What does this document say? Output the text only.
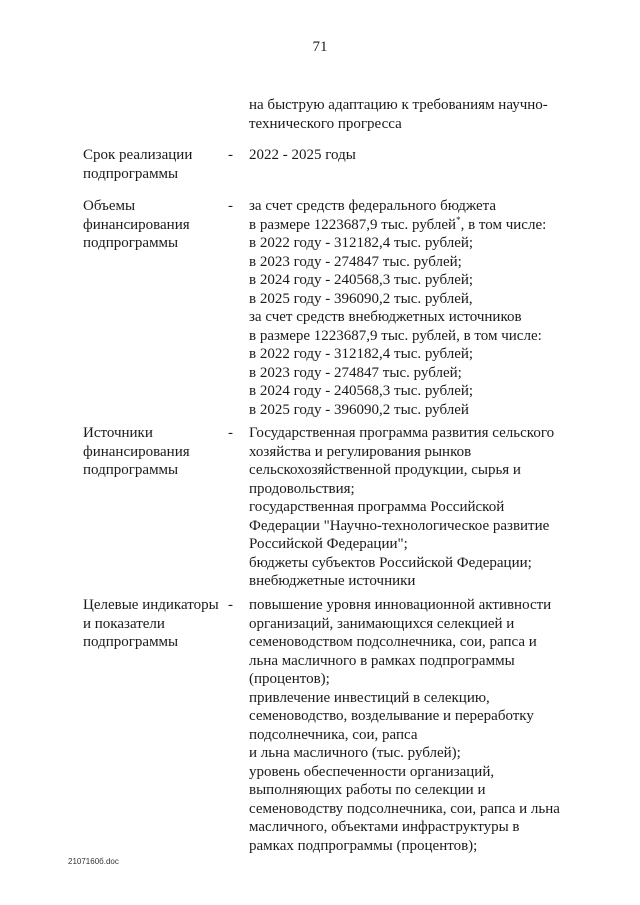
71
на быструю адаптацию к требованиям научно-
технического прогресса
Срок реализации
подпрограммы
- 2022 - 2025 годы
Объемы
финансирования
подпрограммы
- за счет средств федерального бюджета
в размере 1223687,9 тыс. рублей*, в том числе:
в 2022 году - 312182,4 тыс. рублей;
в 2023 году - 274847 тыс. рублей;
в 2024 году - 240568,3 тыс. рублей;
в 2025 году - 396090,2 тыс. рублей,
за счет средств внебюджетных источников
в размере 1223687,9 тыс. рублей, в том числе:
в 2022 году - 312182,4 тыс. рублей;
в 2023 году - 274847 тыс. рублей;
в 2024 году - 240568,3 тыс. рублей;
в 2025 году - 396090,2 тыс. рублей
Источники
финансирования
подпрограммы
- Государственная программа развития сельского
хозяйства и регулирования рынков
сельскохозяйственной продукции, сырья и
продовольствия;
государственная программа Российской
Федерации "Научно-технологическое развитие
Российской Федерации";
бюджеты субъектов Российской Федерации;
внебюджетные источники
Целевые индикаторы
и показатели
подпрограммы
- повышение уровня инновационной активности
организаций, занимающихся селекцией и
семеноводством подсолнечника, сои, рапса и
льна масличного в рамках подпрограммы
(процентов);
привлечение инвестиций в селекцию,
семеноводство, возделывание и переработку
подсолнечника, сои, рапса
и льна масличного (тыс. рублей);
уровень обеспеченности организаций,
выполняющих работы по селекции и
семеноводству подсолнечника, сои, рапса и льна
масличного, объектами инфраструктуры в
рамках подпрограммы (процентов);
2107160б.doc
